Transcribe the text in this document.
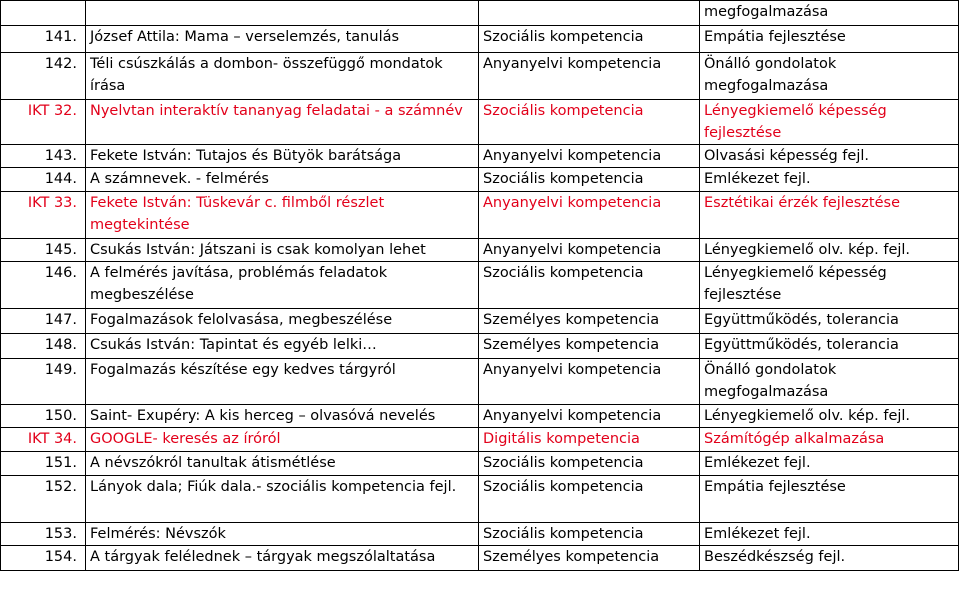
			megfogalmazása
141.	József Attila: Mama – verselemzés, tanulás	Szociális kompetencia	Empátia fejlesztése
142.	Téli csúszkálás a dombon- összefüggő mondatok írása	Anyanyelvi kompetencia	Önálló gondolatok
megfogalmazása

IKT 32.	Nyelvtan interaktív tananyag feladatai - a számnév	Szociális kompetencia	Lényegkiemelő képesség
fejlesztése

143.	Fekete István: Tutajos és Bütyök barátsága	Anyanyelvi kompetencia	Olvasási képesség fejl.
144.	A számnevek. - felmérés	Szociális kompetencia	Emlékezet fejl.
IKT 33.	Fekete István: Tüskevár c. filmből részlet megtekintése	Anyanyelvi kompetencia	Esztétikai érzék fejlesztése
145.	Csukás István: Játszani is csak komolyan lehet	Anyanyelvi kompetencia	Lényegkiemelő olv. kép. fejl.
146.	A felmérés javítása, problémás feladatok megbeszélése	Szociális kompetencia	Lényegkiemelő képesség
fejlesztése

147.	Fogalmazások felolvasása, megbeszélése	Személyes kompetencia	Együttműködés, tolerancia
148.	Csukás István: Tapintat és egyéb lelki…	Személyes kompetencia	Együttműködés, tolerancia
149.	Fogalmazás készítése egy kedves tárgyról	Anyanyelvi kompetencia	Önálló gondolatok
megfogalmazása

150.	Saint- Exupéry: A kis herceg – olvasóvá nevelés	Anyanyelvi kompetencia	Lényegkiemelő olv. kép. fejl.
IKT 34.	GOOGLE- keresés az íróról	Digitális kompetencia	Számítógép alkalmazása
151.	A névszókról tanultak átismétlése	Szociális kompetencia	Emlékezet fejl.
152.	Lányok dala; Fiúk dala.- szociális kompetencia fejl.	Szociális kompetencia	Empátia fejlesztése
153.	Felmérés: Névszók	Szociális kompetencia	Emlékezet fejl.
154.	A tárgyak felélednek – tárgyak megszólaltatása	Személyes kompetencia	Beszédkészség fejl.
